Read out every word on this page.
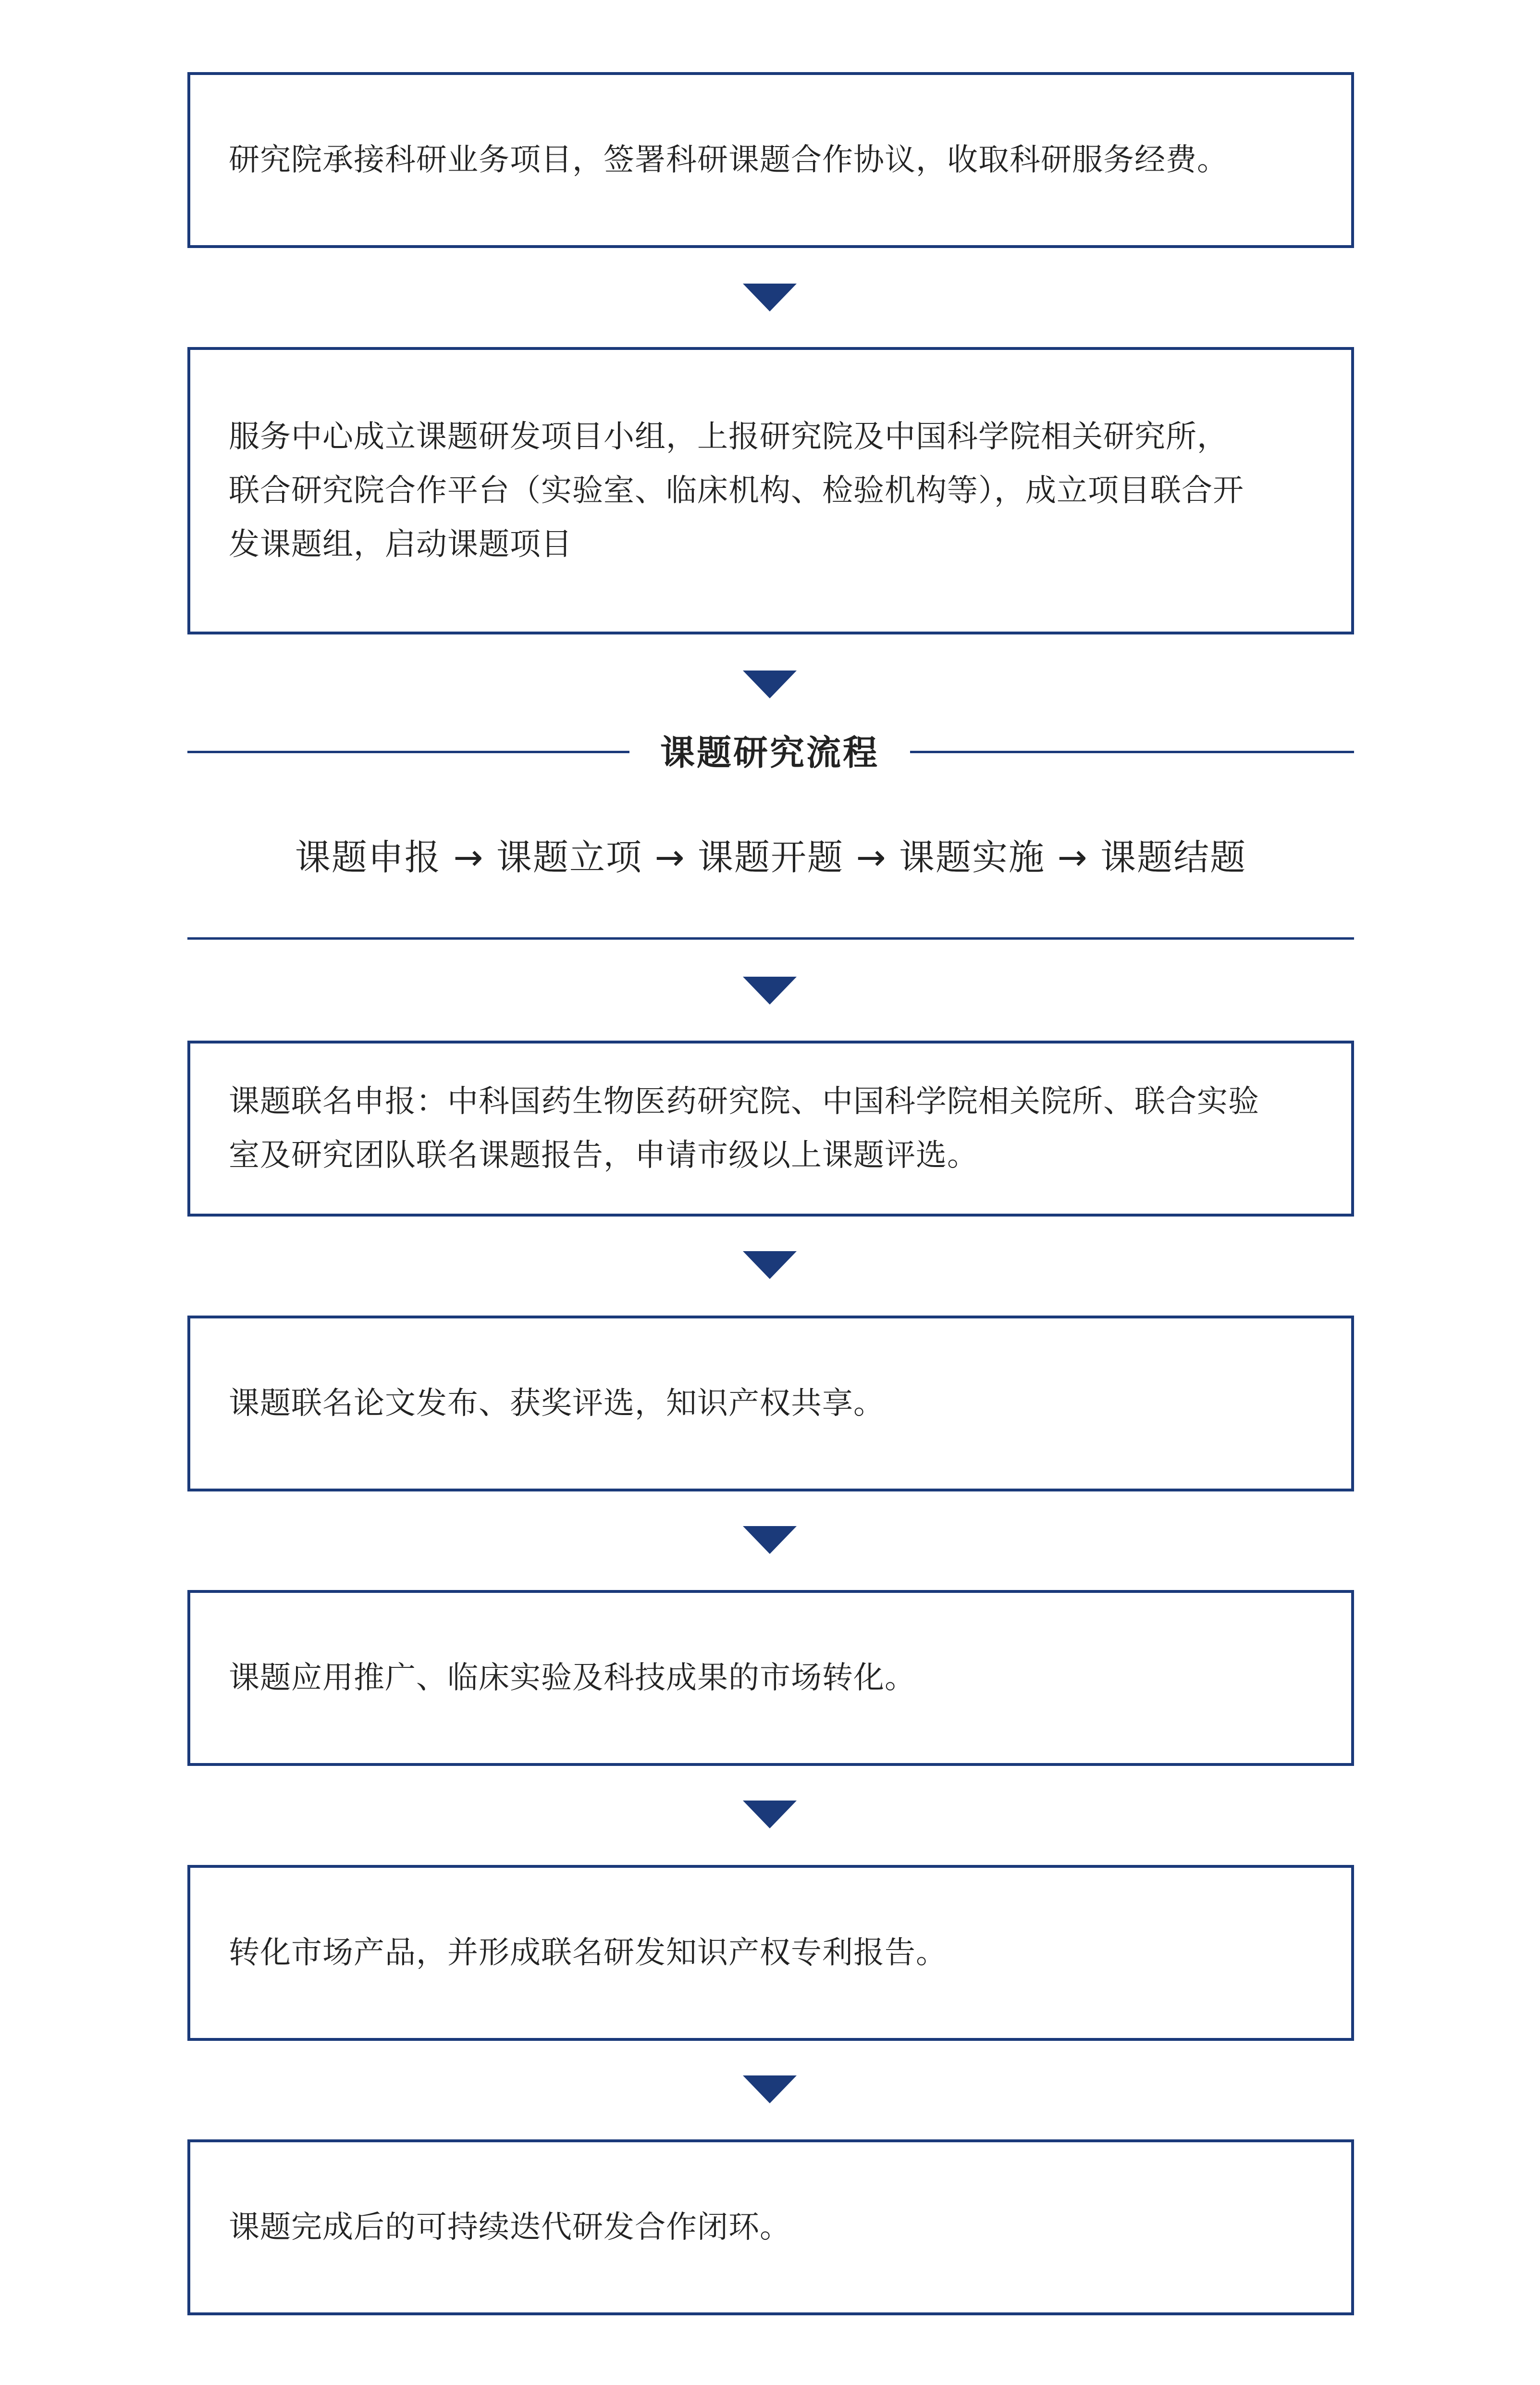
研究院承接科研业务项目，签署科研课题合作协议，收取科研服务经费。
服务中心成立课题研发项目小组，上报研究院及中国科学院相关研究所，联合研究院合作平台（实验室、临床机构、检验机构等），成立项目联合开发课题组，启动课题项目
课题研究流程
课题申报 → 课题立项 → 课题开题 → 课题实施 → 课题结题
课题联名申报：中科国药生物医药研究院、中国科学院相关院所、联合实验室及研究团队联名课题报告，申请市级以上课题评选。
课题联名论文发布、获奖评选，知识产权共享。
课题应用推广、临床实验及科技成果的市场转化。
转化市场产品，并形成联名研发知识产权专利报告。
课题完成后的可持续迭代研发合作闭环。
